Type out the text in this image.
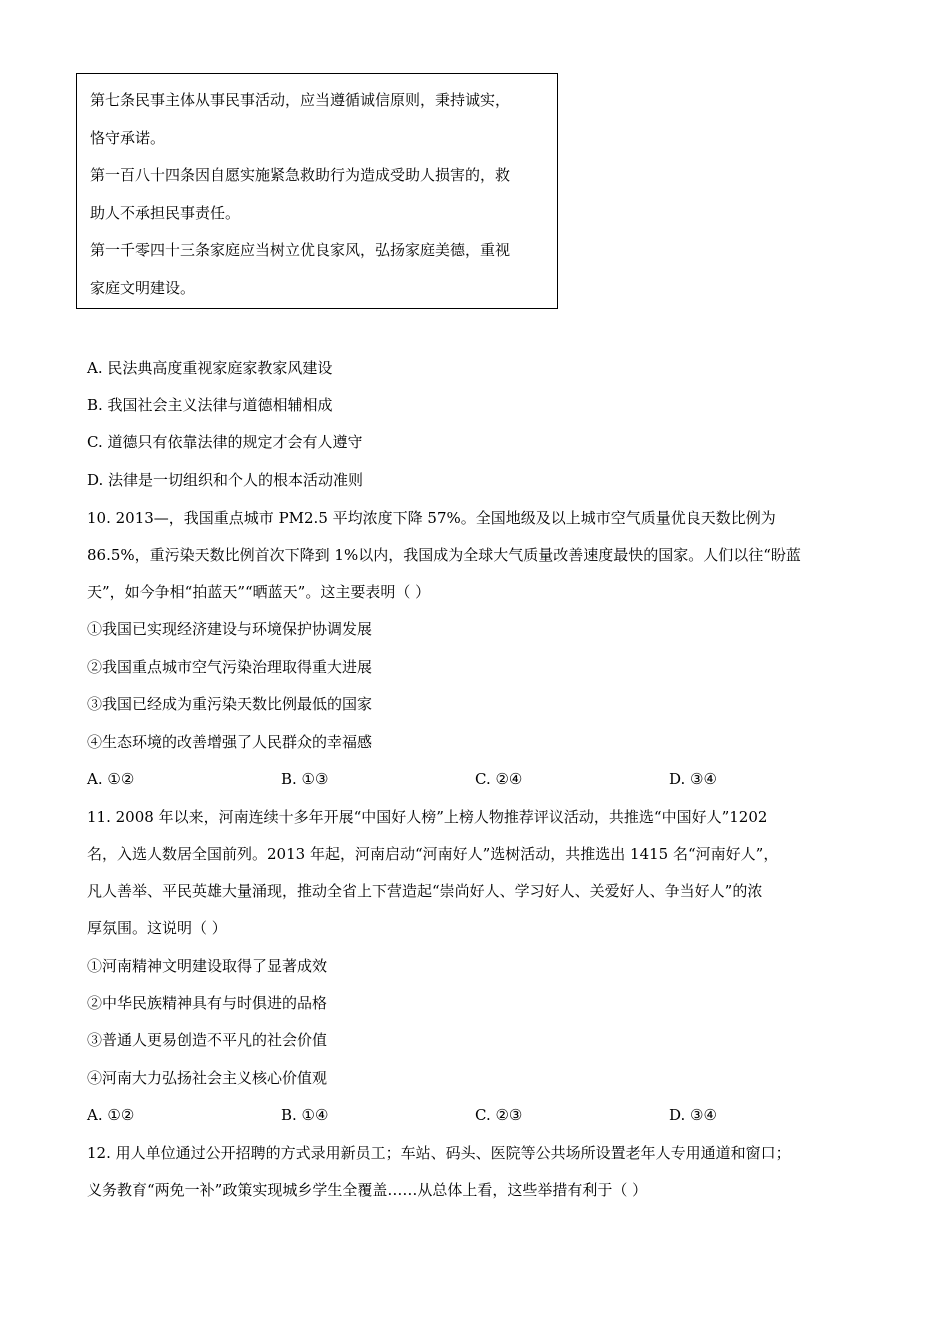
第七条民事主体从事民事活动，应当遵循诚信原则，秉持诚实，

恪守承诺。

第一百八十四条因自愿实施紧急救助行为造成受助人损害的，救

助人不承担民事责任。

第一千零四十三条家庭应当树立优良家风，弘扬家庭美德，重视

家庭文明建设。

A. 民法典高度重视家庭家教家风建设
B. 我国社会主义法律与道德相辅相成
C. 道德只有依靠法律的规定才会有人遵守
D. 法律是一切组织和个人的根本活动准则
10. 2013—，我国重点城市 PM2.5 平均浓度下降 57%。全国地级及以上城市空气质量优良天数比例为
86.5%，重污染天数比例首次下降到 1%以内，我国成为全球大气质量改善速度最快的国家。人们以往“盼蓝
天”，如今争相“拍蓝天”“晒蓝天”。这主要表明（ ）
①我国已实现经济建设与环境保护协调发展
②我国重点城市空气污染治理取得重大进展
③我国已经成为重污染天数比例最低的国家
④生态环境的改善增强了人民群众的幸福感
A. ①②	B. ①③	C. ②④	D. ③④
11. 2008 年以来，河南连续十多年开展“中国好人榜”上榜人物推荐评议活动，共推选“中国好人”1202
名，入选人数居全国前列。2013 年起，河南启动“河南好人”选树活动，共推选出 1415 名“河南好人”，
凡人善举、平民英雄大量涌现，推动全省上下营造起“崇尚好人、学习好人、关爱好人、争当好人”的浓
厚氛围。这说明（ ）
①河南精神文明建设取得了显著成效
②中华民族精神具有与时俱进的品格
③普通人更易创造不平凡的社会价值
④河南大力弘扬社会主义核心价值观
A. ①②	B. ①④	C. ②③	D. ③④
12. 用人单位通过公开招聘的方式录用新员工；车站、码头、医院等公共场所设置老年人专用通道和窗口；
义务教育“两免一补”政策实现城乡学生全覆盖……从总体上看，这些举措有利于（ ）
